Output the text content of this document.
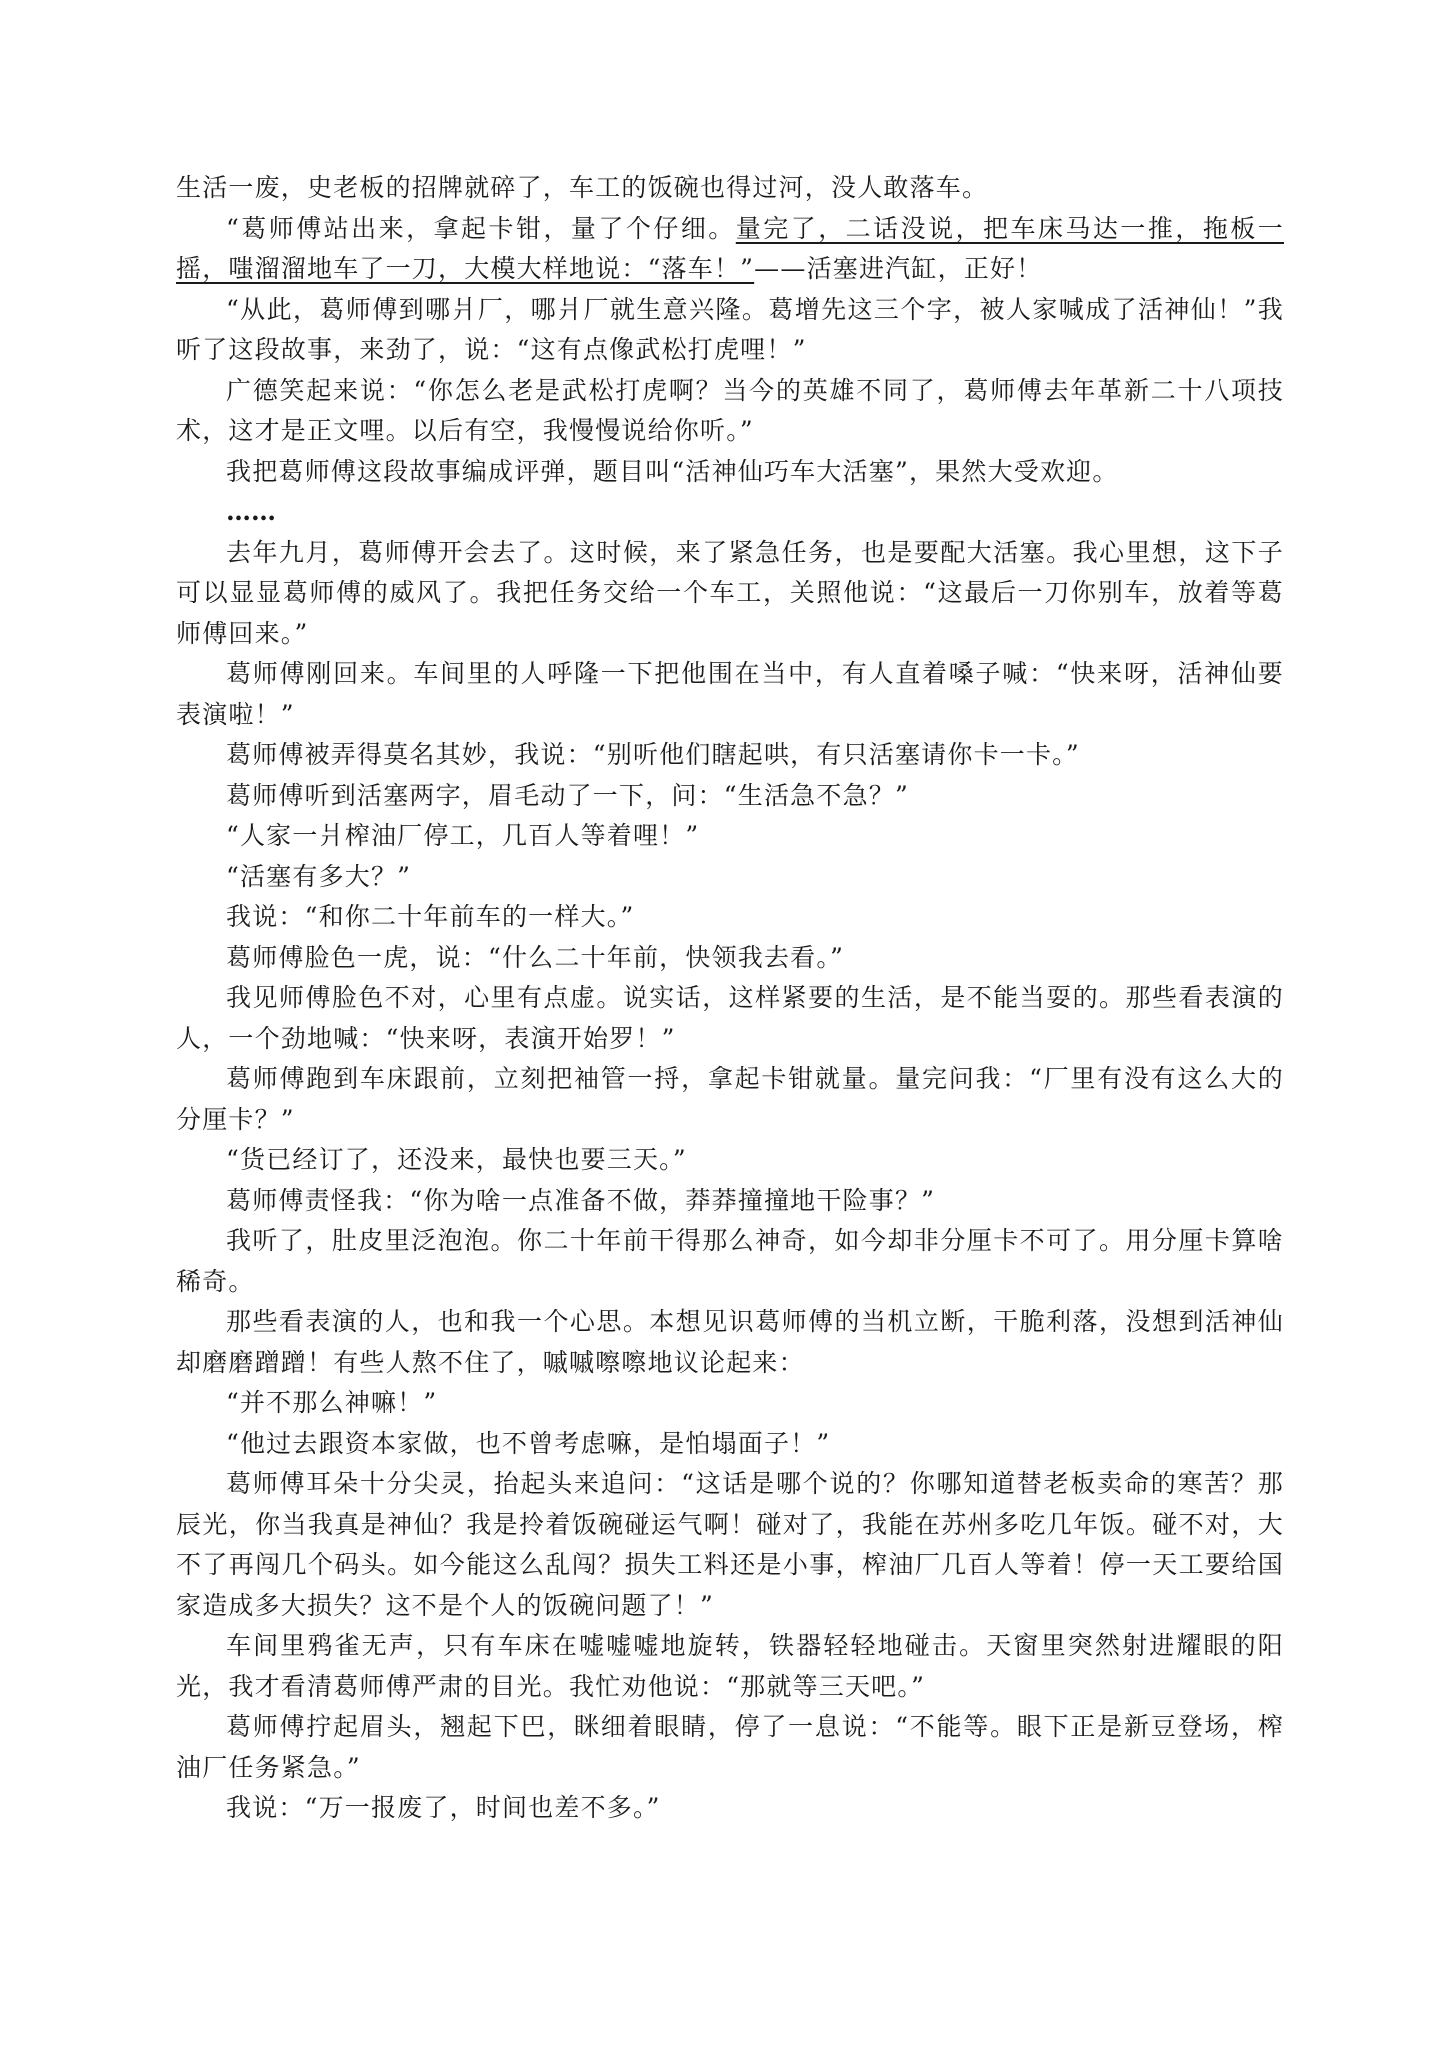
生活一废，史老板的招牌就碎了，车工的饭碗也得过河，没人敢落车。

“葛师傅站出来，拿起卡钳，量了个仔细。量完了，二话没说，把车床马达一推，拖板一摇，嗤溜溜地车了一刀，大模大样地说：“落车！”——活塞进汽缸，正好！

“从此，葛师傅到哪爿厂，哪爿厂就生意兴隆。葛增先这三个字，被人家喊成了活神仙！”我听了这段故事，来劲了，说：“这有点像武松打虎哩！”

广德笑起来说：“你怎么老是武松打虎啊？当今的英雄不同了，葛师傅去年革新二十八项技术，这才是正文哩。以后有空，我慢慢说给你听。”

我把葛师傅这段故事编成评弹，题目叫“活神仙巧车大活塞”，果然大受欢迎。

……

去年九月，葛师傅开会去了。这时候，来了紧急任务，也是要配大活塞。我心里想，这下子可以显显葛师傅的威风了。我把任务交给一个车工，关照他说：“这最后一刀你别车，放着等葛师傅回来。”

葛师傅刚回来。车间里的人呼隆一下把他围在当中，有人直着嗓子喊：“快来呀，活神仙要表演啦！”

葛师傅被弄得莫名其妙，我说：“别听他们瞎起哄，有只活塞请你卡一卡。”

葛师傅听到活塞两字，眉毛动了一下，问：“生活急不急？”

“人家一爿榨油厂停工，几百人等着哩！”

“活塞有多大？”

我说：“和你二十年前车的一样大。”

葛师傅脸色一虎，说：“什么二十年前，快领我去看。”

我见师傅脸色不对，心里有点虚。说实话，这样紧要的生活，是不能当耍的。那些看表演的人，一个劲地喊：“快来呀，表演开始罗！”

葛师傅跑到车床跟前，立刻把袖管一捋，拿起卡钳就量。量完问我：“厂里有没有这么大的分厘卡？”

“货已经订了，还没来，最快也要三天。”

葛师傅责怪我：“你为啥一点准备不做，莽莽撞撞地干险事？”

我听了，肚皮里泛泡泡。你二十年前干得那么神奇，如今却非分厘卡不可了。用分厘卡算啥稀奇。

那些看表演的人，也和我一个心思。本想见识葛师傅的当机立断，干脆利落，没想到活神仙却磨磨蹭蹭！有些人熬不住了，嘁嘁嚓嚓地议论起来：

“并不那么神嘛！”

“他过去跟资本家做，也不曾考虑嘛，是怕塌面子！”

葛师傅耳朵十分尖灵，抬起头来追问：“这话是哪个说的？你哪知道替老板卖命的寒苦？那辰光，你当我真是神仙？我是拎着饭碗碰运气啊！碰对了，我能在苏州多吃几年饭。碰不对，大不了再闯几个码头。如今能这么乱闯？损失工料还是小事，榨油厂几百人等着！停一天工要给国家造成多大损失？这不是个人的饭碗问题了！”

车间里鸦雀无声，只有车床在嘘嘘嘘地旋转，铁器轻轻地碰击。天窗里突然射进耀眼的阳光，我才看清葛师傅严肃的目光。我忙劝他说：“那就等三天吧。”

葛师傅拧起眉头，翘起下巴，眯细着眼睛，停了一息说：“不能等。眼下正是新豆登场，榨油厂任务紧急。”

我说：“万一报废了，时间也差不多。”
